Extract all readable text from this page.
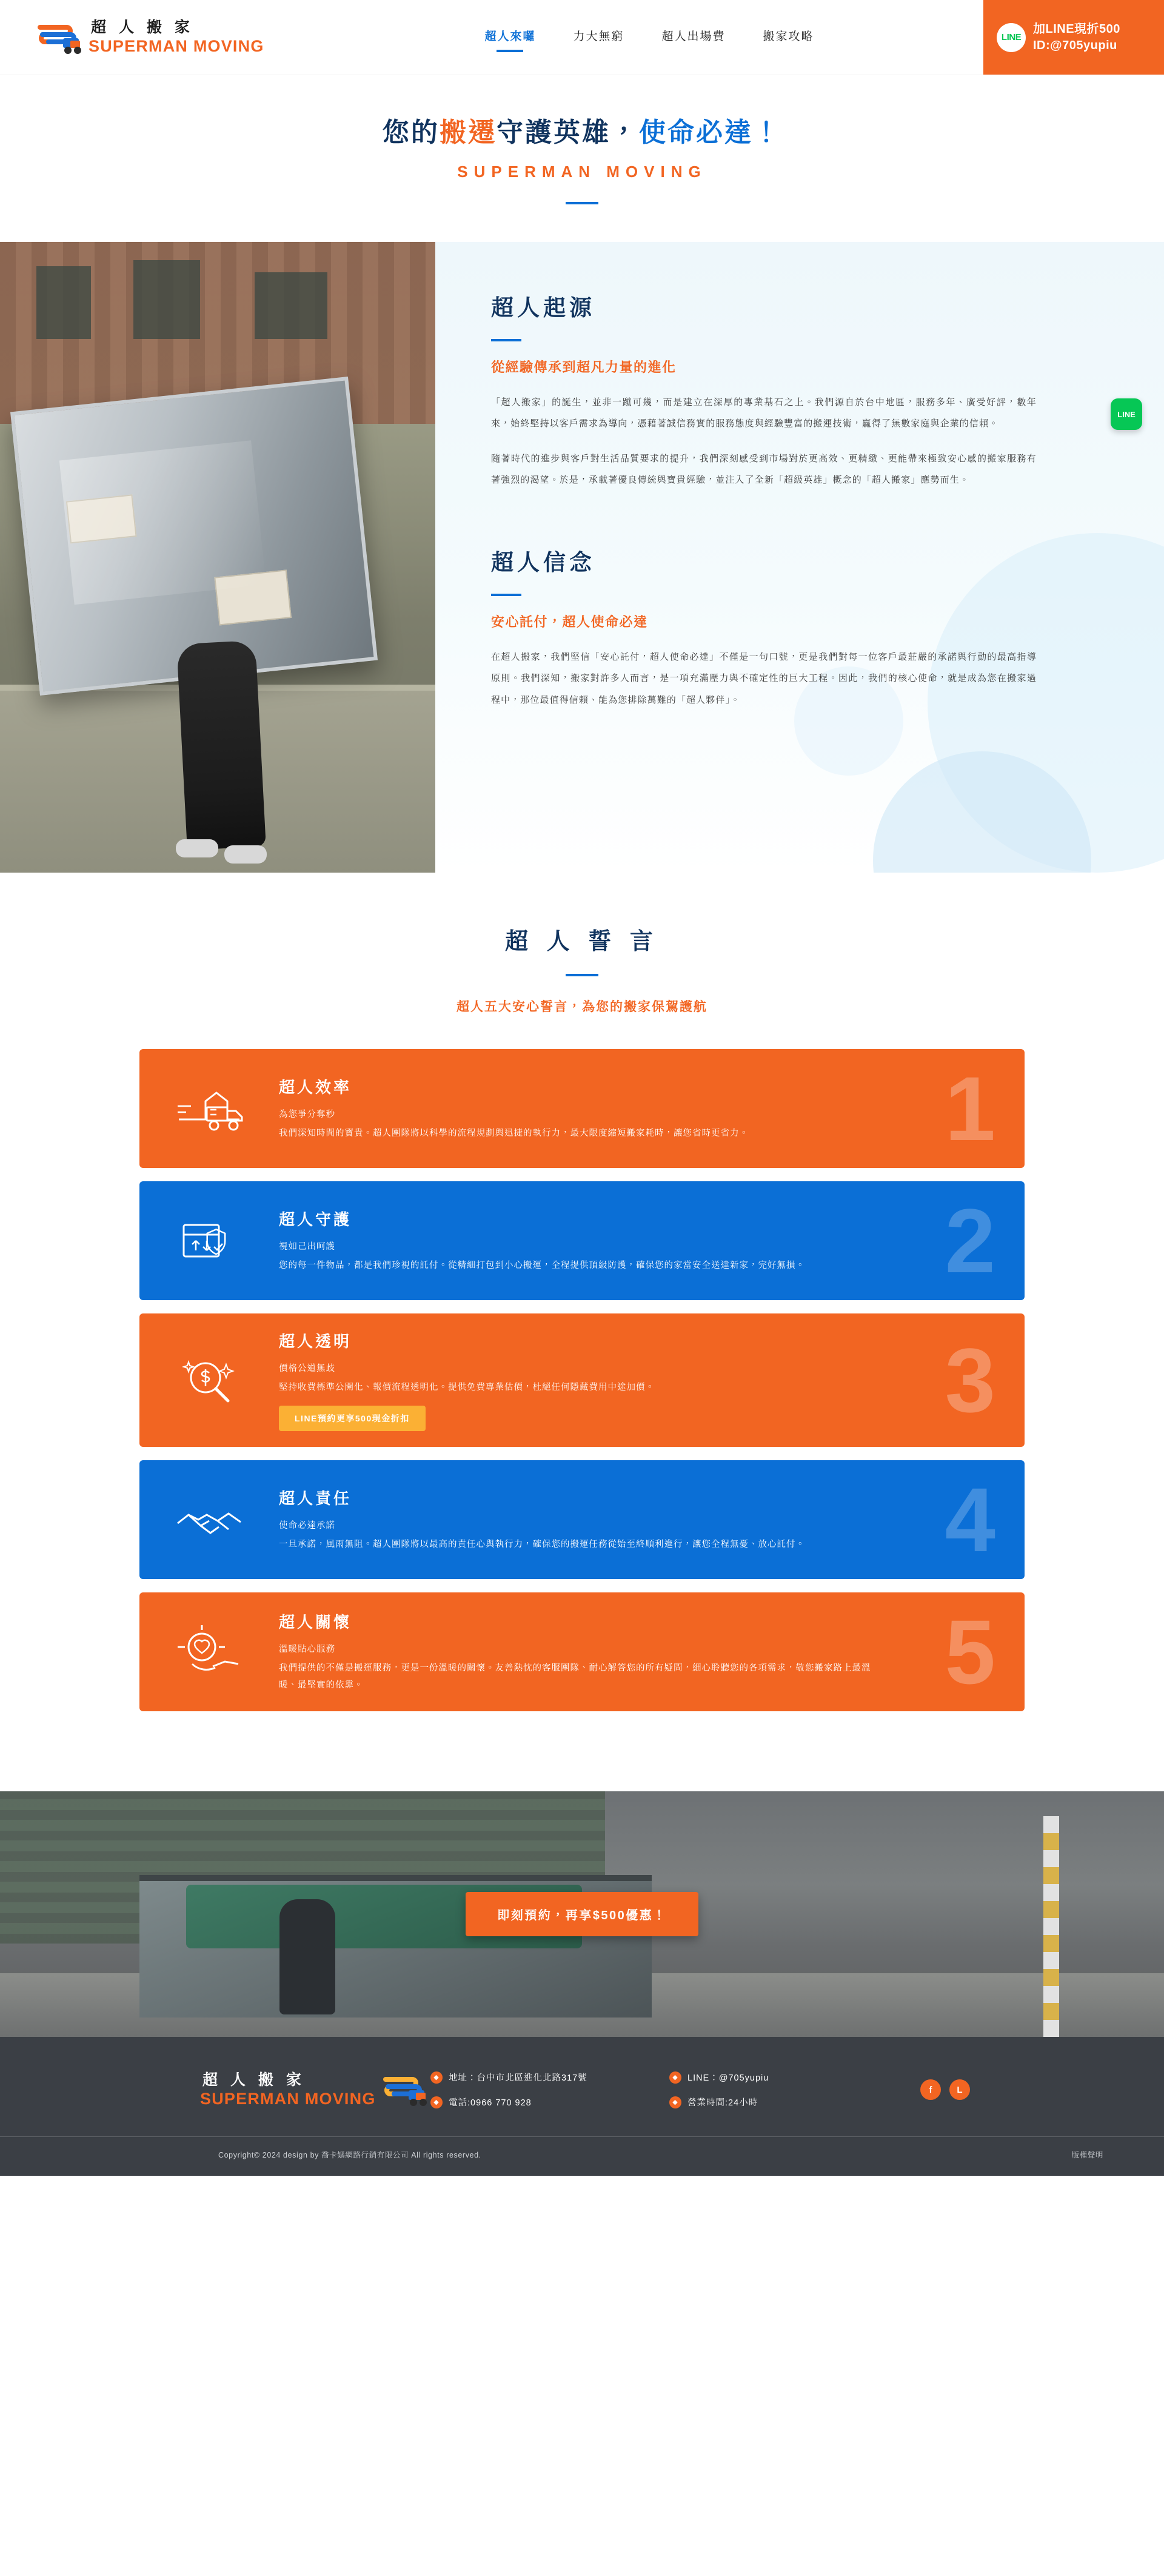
超 人 搬 家
SUPERMAN MOVING
超人來囉	力大無窮	超人出場費	搬家攻略	LINE
加LINE現折500
ID:@705yupiu
您的搬遷守護英雄，使命必達！
SUPERMAN MOVING
超人起源
從經驗傳承到超凡力量的進化

「超人搬家」的誕生，並非一蹴可幾，而是建立在深厚的專業基石之上。我們源自於台中地區，服務多年、廣受好評，數年來，始終堅持以客戶需求為導向，憑藉著誠信務實的服務態度與經驗豐富的搬運技術，贏得了無數家庭與企業的信賴。

隨著時代的進步與客戶對生活品質要求的提升，我們深刻感受到市場對於更高效、更精緻、更能帶來極致安心感的搬家服務有著強烈的渴望。於是，承載著優良傳統與寶貴經驗，並注入了全新「超級英雄」概念的「超人搬家」應勢而生。

超人信念
安心託付，超人使命必達

在超人搬家，我們堅信「安心託付，超人使命必達」不僅是一句口號，更是我們對每一位客戶最莊嚴的承諾與行動的最高指導原則。我們深知，搬家對許多人而言，是一項充滿壓力與不確定性的巨大工程。因此，我們的核心使命，就是成為您在搬家過程中，那位最值得信賴、能為您排除萬難的「超人夥伴」。

LINE
超 人 誓 言
超人五大安心誓言，為您的搬家保駕護航
超人效率
為您爭分奪秒
我們深知時間的寶貴。超人團隊將以科學的流程規劃與迅捷的執行力，最大限度縮短搬家耗時，讓您省時更省力。	1
超人守護
視如己出呵護
您的每一件物品，都是我們珍視的託付。從精細打包到小心搬運，全程提供頂級防護，確保您的家當安全送達新家，完好無損。	2
超人透明
價格公道無歧
堅持收費標準公開化、報價流程透明化。提供免費專業估價，杜絕任何隱藏費用中途加價。
LINE預約更享500現金折扣	3
超人責任
使命必達承諾
一旦承諾，風雨無阻。超人團隊將以最高的責任心與執行力，確保您的搬運任務從始至終順利進行，讓您全程無憂、放心託付。	4
超人關懷
溫暖貼心服務
我們提供的不僅是搬運服務，更是一份溫暖的關懷。友善熱忱的客服團隊、耐心解答您的所有疑問，細心聆聽您的各項需求，敬您搬家路上最溫暖、最堅實的依靠。	5
即刻預約，再享$500優惠！
超 人 搬 家
SUPERMAN MOVING
◆	地址：台中市北區進化北路317號	◆	LINE：@705yupiu
◆	電話:0966 770 928	◆	營業時間:24小時
f	L
Copyright© 2024 design by 喬卡媽網路行銷有限公司 All rights reserved.	版權聲明
